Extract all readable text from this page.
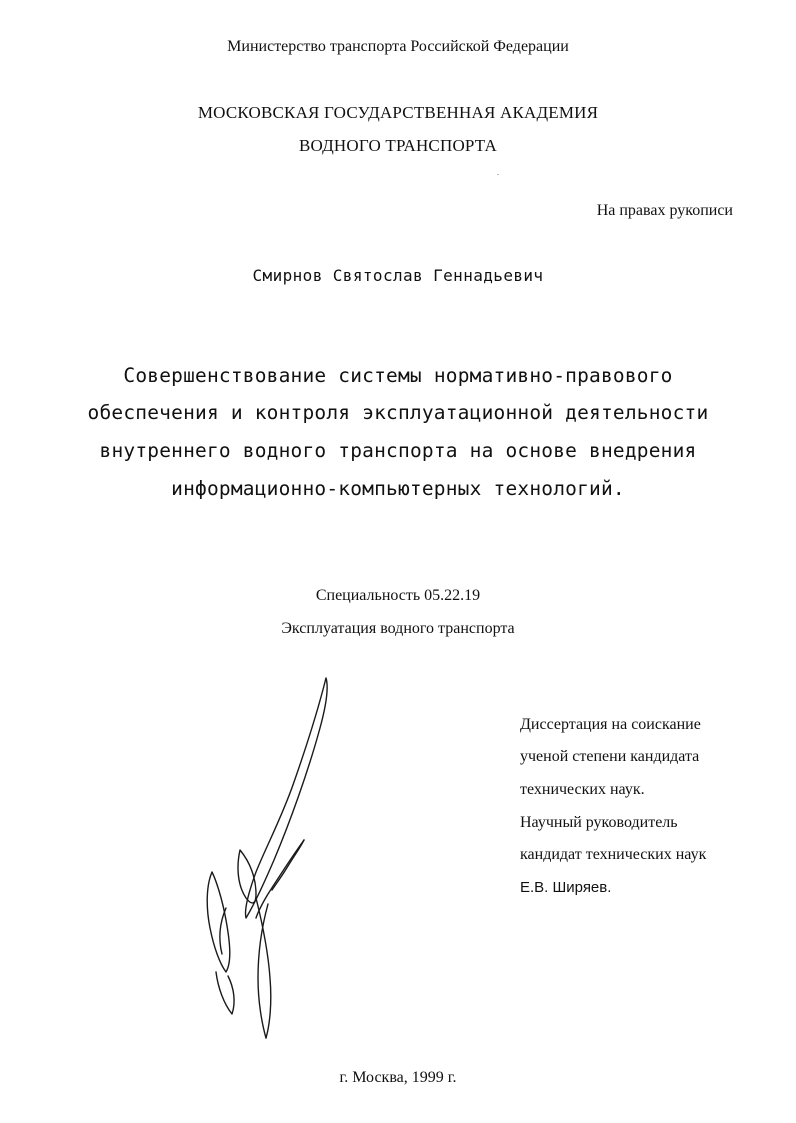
Министерство транспорта Российской Федерации
МОСКОВСКАЯ ГОСУДАРСТВЕННАЯ АКАДЕМИЯ
ВОДНОГО ТРАНСПОРТА
На правах рукописи
Смирнов Святослав Геннадьевич
Совершенствование системы нормативно-правового
обеспечения и контроля эксплуатационной деятельности
внутреннего водного транспорта на основе внедрения
информационно-компьютерных технологий.
Специальность 05.22.19
Эксплуатация водного транспорта
Диссертация на соискание
ученой степени кандидата
технических наук.
Научный руководитель
кандидат технических наук
Е.В. Ширяев.
г. Москва, 1999 г.
